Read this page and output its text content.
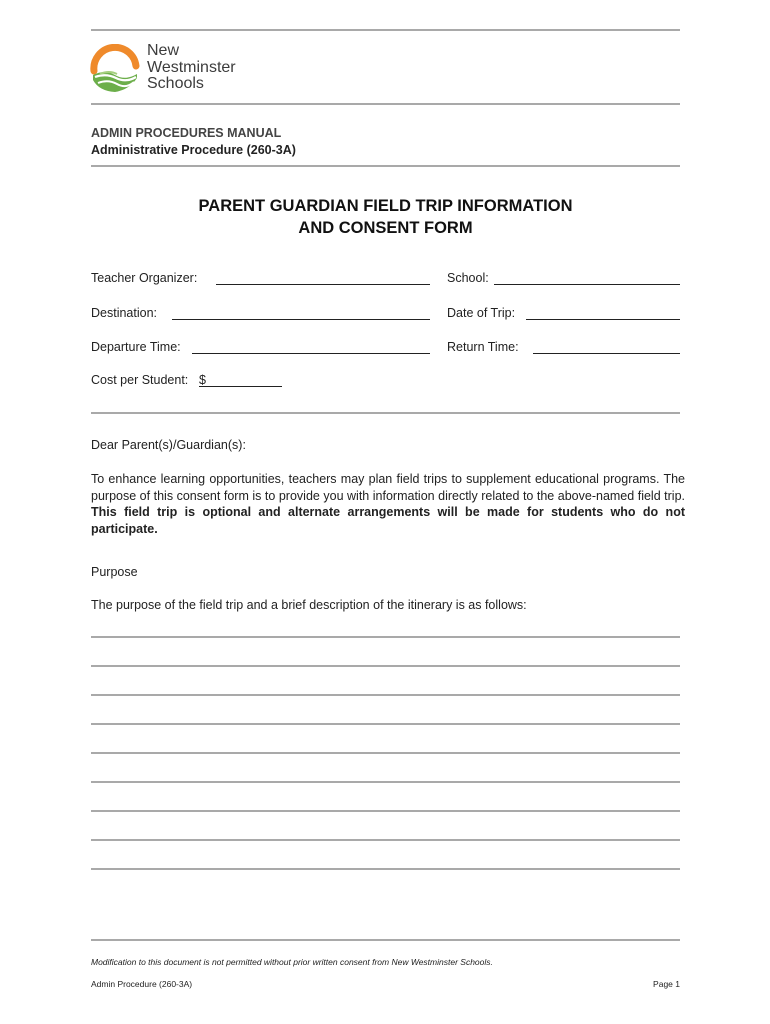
New
Westminster
Schools
ADMIN PROCEDURES MANUAL
Administrative Procedure (260-3A)
PARENT GUARDIAN FIELD TRIP INFORMATION
AND CONSENT FORM
Teacher Organizer:	School:
Destination:	Date of Trip:
Departure Time:	Return Time:
Cost per Student: $
Dear Parent(s)/Guardian(s):
To enhance learning opportunities, teachers may plan field trips to supplement educational programs. The purpose of this consent form is to provide you with information directly related to the above-named field trip. This field trip is optional and alternate arrangements will be made for students who do not participate.
Purpose
The purpose of the field trip and a brief description of the itinerary is as follows:
Modification to this document is not permitted without prior written consent from New Westminster Schools.
Admin Procedure (260-3A)	Page 1
